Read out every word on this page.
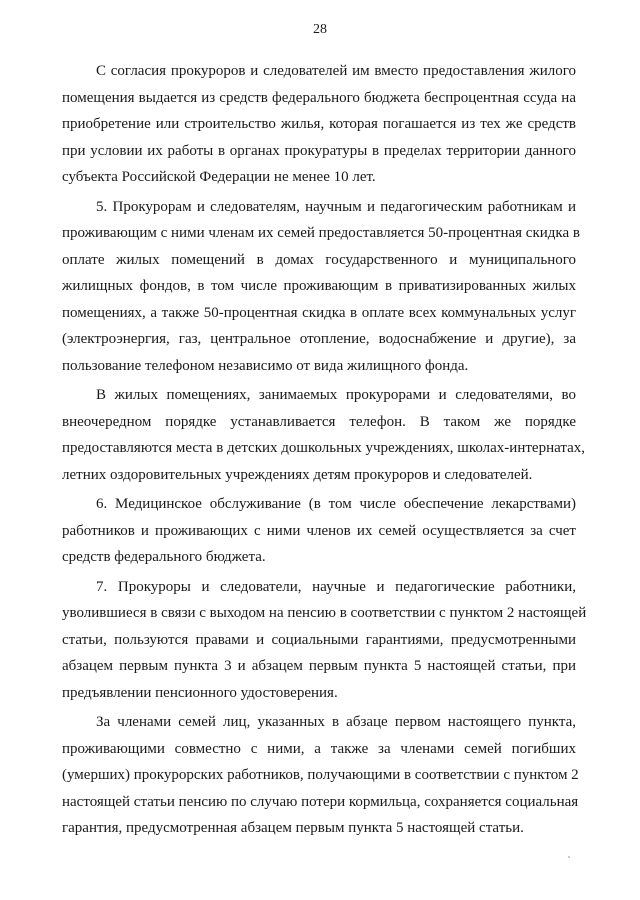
28
С согласия прокуроров и следователей им вместо предоставления жилого
помещения выдается из средств федерального бюджета беспроцентная ссуда на
приобретение или строительство жилья, которая погашается из тех же средств
при условии их работы в органах прокуратуры в пределах территории данного
субъекта Российской Федерации не менее 10 лет.
5. Прокурорам и следователям, научным и педагогическим работникам и
проживающим с ними членам их семей предоставляется 50-процентная скидка в
оплате жилых помещений в домах государственного и муниципального
жилищных фондов, в том числе проживающим в приватизированных жилых
помещениях, а также 50-процентная скидка в оплате всех коммунальных услуг
(электроэнергия, газ, центральное отопление, водоснабжение и другие), за
пользование телефоном независимо от вида жилищного фонда.
В жилых помещениях, занимаемых прокурорами и следователями, во
внеочередном порядке устанавливается телефон. В таком же порядке
предоставляются места в детских дошкольных учреждениях, школах-интернатах,
летних оздоровительных учреждениях детям прокуроров и следователей.
6. Медицинское обслуживание (в том числе обеспечение лекарствами)
работников и проживающих с ними членов их семей осуществляется за счет
средств федерального бюджета.
7. Прокуроры и следователи, научные и педагогические работники,
уволившиеся в связи с выходом на пенсию в соответствии с пунктом 2 настоящей
статьи, пользуются правами и социальными гарантиями, предусмотренными
абзацем первым пункта 3 и абзацем первым пункта 5 настоящей статьи, при
предъявлении пенсионного удостоверения.
За членами семей лиц, указанных в абзаце первом настоящего пункта,
проживающими совместно с ними, а также за членами семей погибших
(умерших) прокурорских работников, получающими в соответствии с пунктом 2
настоящей статьи пенсию по случаю потери кормильца, сохраняется социальная
гарантия, предусмотренная абзацем первым пункта 5 настоящей статьи.
